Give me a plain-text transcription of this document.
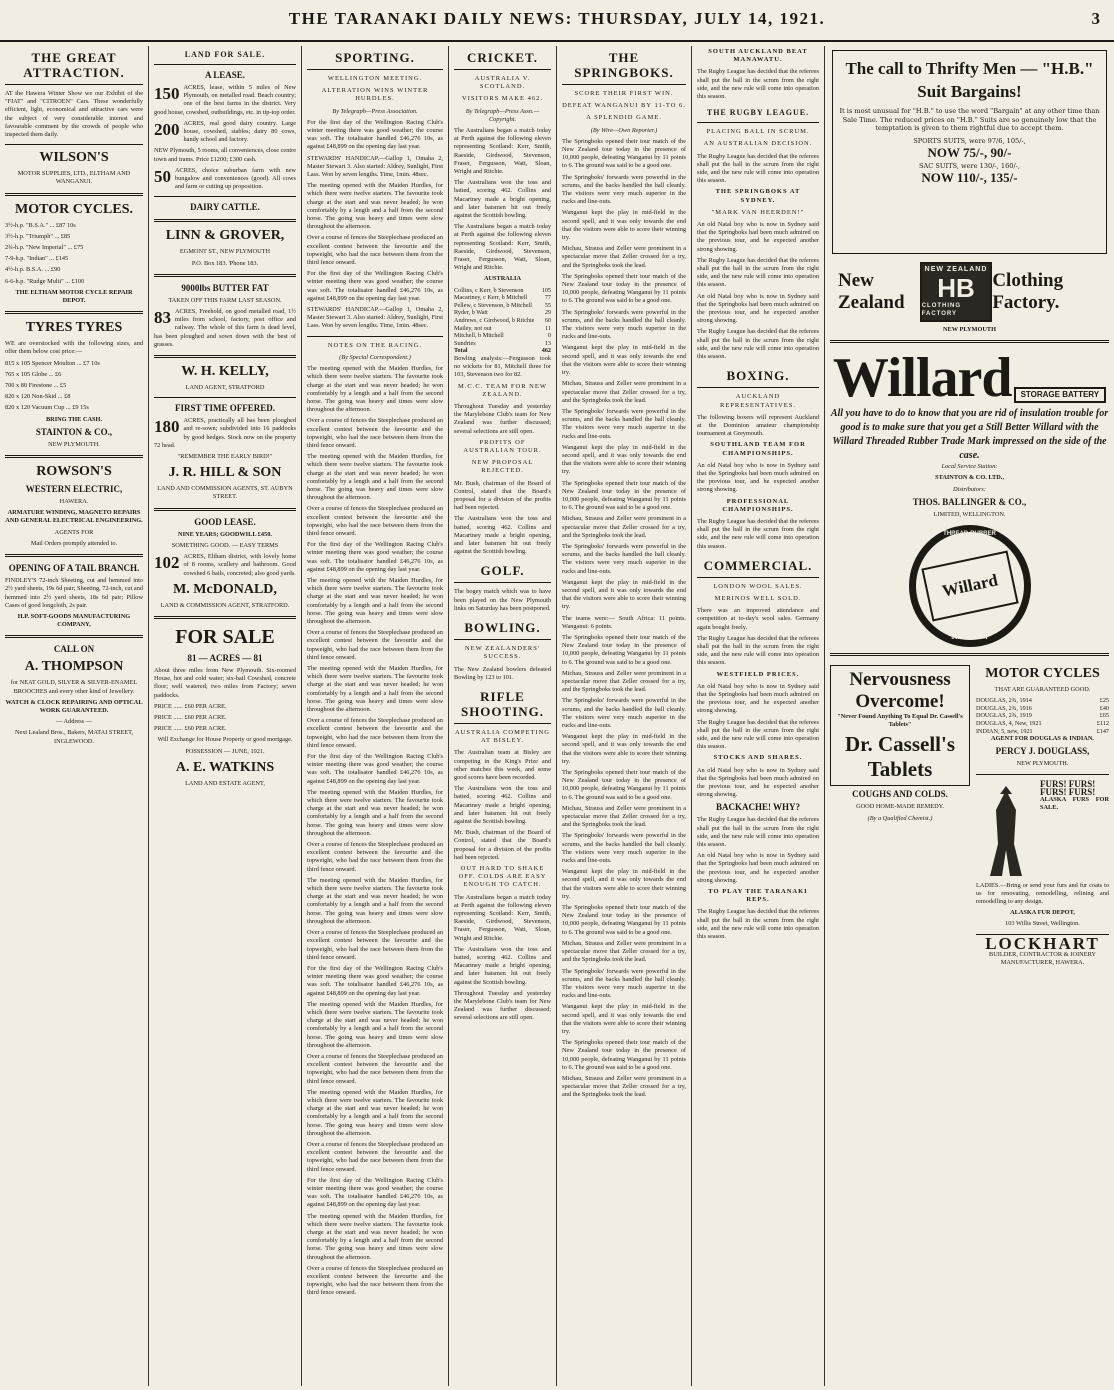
THE TARANAKI DAILY NEWS: THURSDAY, JULY 14, 1921.	3
THE GREAT ATTRACTION.

AT the Hawera Winter Show we our Exhibit of the "FIAT" and "CITROEN" Cars. These wonderfully efficient, light, economical and attractive cars were the subject of very considerable interest and favourable comment by the crowds of people who inspected them daily.

WILSON'S

MOTOR SUPPLIES, LTD., ELTHAM AND WANGANUI.

MOTOR CYCLES.

3½-h.p. "B.S.A." ... £87 10s

3½-h.p. "Triumph" ... £85

2¾-h.p. "New Imperial" ... £75

7-9-h.p. "Indian" ... £145

4½-h.p. B.S.A. ... £90

6-6-h.p. "Rudge Multi" ... £100

THE ELTHAM MOTOR CYCLE REPAIR DEPOT.

TYRES TYRES

WE are overstocked with the following sizes, and offer them below cost price:—

815 x 105 Spencer Moulton ... £7 10s

765 x 105 Globe ... £6

700 x 80 Firestone ... £5

820 x 120 Non-Skid ... £8

820 x 120 Vacuum Cup ... £9 15s

BRING THE CASH.

STAINTON & CO.,

NEW PLYMOUTH.

ROWSON'S
WESTERN ELECTRIC,

HAWERA.

ARMATURE WINDING, MAGNETO REPAIRS AND GENERAL ELECTRICAL ENGINEERING.

AGENTS FOR

Mail Orders promptly attended to.

OPENING OF A TAIL BRANCH.

FINDLEY'S 72-inch Sheeting, cut and hemmed into 2½ yard sheets, 19s 6d pair; Sheeting, 72-inch, cut and hemmed into 2½ yard sheets, 18s 6d pair; Pillow Cases of good longcloth, 2s pair.

H.P. SOFT-GOODS MANUFACTURING COMPANY,

CALL ON
A. THOMPSON

for NEAT GOLD, SILVER & SILVER-ENAMEL BROOCHES and every other kind of Jewellery.

WATCH & CLOCK REPAIRING AND OPTICAL WORK GUARANTEED.

— Address —

Next Lealand Bros., Bakers, MATAI STREET, INGLEWOOD.

LAND FOR SALE.
A LEASE.

150 ACRES, lease, within 5 miles of New Plymouth, on metalled road. Beach country; one of the best farms in the district. Very good house, cowshed, outbuildings, etc. in tip-top order.

200 ACRES, real good dairy country. Large house, cowshed, stables; dairy 80 cows, handy school and factory.

NEW Plymouth, 5 rooms, all conveniences, close centre town and trams. Price £1200; £300 cash.

50 ACRES, choice suburban farm with new bungalow and conveniences (good). All cows and farm or cutting up proposition.

DAIRY CATTLE.
LINN & GROVER,

EGMONT ST., NEW PLYMOUTH

P.O. Box 183. 'Phone 183.

9000lbs BUTTER FAT

TAKEN OFF THIS FARM LAST SEASON.

83 ACRES, Freehold, on good metalled road, 1½ miles from school, factory, post office and railway. The whole of this farm is dead level, has been ploughed and sown down with the best of grasses.

W. H. KELLY,

LAND AGENT, STRATFORD

FIRST TIME OFFERED.

180 ACRES, practically all has been ploughed and re-sown; subdivided into 16 paddocks by good hedges. Stock now on the property 72 head.

"REMEMBER THE EARLY BIRD!"

J. R. HILL & SON

LAND AND COMMISSION AGENTS, ST. AUBYN STREET.

GOOD LEASE.

NINE YEARS; GOODWILL £450.

SOMETHING GOOD. — EASY TERMS

102 ACRES, Eltham district, with lovely home of 8 rooms, scullery and bathroom. Good cowshed 6 bails, concreted; also good yards.

M. McDONALD,

LAND & COMMISSION AGENT, STRATFORD.

FOR SALE
81 — ACRES — 81

About three miles from New Plymouth. Six-roomed House, hot and cold water; six-bail Cowshed, concrete floor; well watered; two miles from Factory; seven paddocks.

PRICE ...... £60 PER ACRE.

PRICE ...... £60 PER ACRE.

PRICE ...... £60 PER ACRE.

Will Exchange for House Property or good mortgage.

POSSESSION — JUNE, 1921.

A. E. WATKINS

LAND AND ESTATE AGENT,

SPORTING.
WELLINGTON MEETING.
ALTERATION WINS WINTER HURDLES.

By Telegraph—Press Association.

For the first day of the Wellington Racing Club's winter meeting there was good weather; the course was soft. The totalisator handled £46,276 10s, as against £48,899 on the opening day last year.

STEWARDS' HANDICAP.—Gallop 1, Omaha 2, Master Stewart 3. Also started: Aldrey, Sunlight, First Lass. Won by seven lengths. Time, 1min. 48sec.

The meeting opened with the Maiden Hurdles, for which there were twelve starters. The favourite took charge at the start and was never headed; he won comfortably by a length and a half from the second horse. The going was heavy and times were slow throughout the afternoon.

Over a course of fences the Steeplechase produced an excellent contest between the favourite and the topweight, who had the race between them from the third fence onward.

For the first day of the Wellington Racing Club's winter meeting there was good weather; the course was soft. The totalisator handled £46,276 10s, as against £48,899 on the opening day last year.

STEWARDS' HANDICAP.—Gallop 1, Omaha 2, Master Stewart 3. Also started: Aldrey, Sunlight, First Lass. Won by seven lengths. Time, 1min. 48sec.

NOTES ON THE RACING.

(By Special Correspondent.)

The meeting opened with the Maiden Hurdles, for which there were twelve starters. The favourite took charge at the start and was never headed; he won comfortably by a length and a half from the second horse. The going was heavy and times were slow throughout the afternoon.

Over a course of fences the Steeplechase produced an excellent contest between the favourite and the topweight, who had the race between them from the third fence onward.

The meeting opened with the Maiden Hurdles, for which there were twelve starters. The favourite took charge at the start and was never headed; he won comfortably by a length and a half from the second horse. The going was heavy and times were slow throughout the afternoon.

Over a course of fences the Steeplechase produced an excellent contest between the favourite and the topweight, who had the race between them from the third fence onward.

For the first day of the Wellington Racing Club's winter meeting there was good weather; the course was soft. The totalisator handled £46,276 10s, as against £48,899 on the opening day last year.

The meeting opened with the Maiden Hurdles, for which there were twelve starters. The favourite took charge at the start and was never headed; he won comfortably by a length and a half from the second horse. The going was heavy and times were slow throughout the afternoon.

Over a course of fences the Steeplechase produced an excellent contest between the favourite and the topweight, who had the race between them from the third fence onward.

The meeting opened with the Maiden Hurdles, for which there were twelve starters. The favourite took charge at the start and was never headed; he won comfortably by a length and a half from the second horse. The going was heavy and times were slow throughout the afternoon.

Over a course of fences the Steeplechase produced an excellent contest between the favourite and the topweight, who had the race between them from the third fence onward.

For the first day of the Wellington Racing Club's winter meeting there was good weather; the course was soft. The totalisator handled £46,276 10s, as against £48,899 on the opening day last year.

The meeting opened with the Maiden Hurdles, for which there were twelve starters. The favourite took charge at the start and was never headed; he won comfortably by a length and a half from the second horse. The going was heavy and times were slow throughout the afternoon.

Over a course of fences the Steeplechase produced an excellent contest between the favourite and the topweight, who had the race between them from the third fence onward.

The meeting opened with the Maiden Hurdles, for which there were twelve starters. The favourite took charge at the start and was never headed; he won comfortably by a length and a half from the second horse. The going was heavy and times were slow throughout the afternoon.

Over a course of fences the Steeplechase produced an excellent contest between the favourite and the topweight, who had the race between them from the third fence onward.

For the first day of the Wellington Racing Club's winter meeting there was good weather; the course was soft. The totalisator handled £46,276 10s, as against £48,899 on the opening day last year.

The meeting opened with the Maiden Hurdles, for which there were twelve starters. The favourite took charge at the start and was never headed; he won comfortably by a length and a half from the second horse. The going was heavy and times were slow throughout the afternoon.

Over a course of fences the Steeplechase produced an excellent contest between the favourite and the topweight, who had the race between them from the third fence onward.

The meeting opened with the Maiden Hurdles, for which there were twelve starters. The favourite took charge at the start and was never headed; he won comfortably by a length and a half from the second horse. The going was heavy and times were slow throughout the afternoon.

Over a course of fences the Steeplechase produced an excellent contest between the favourite and the topweight, who had the race between them from the third fence onward.

For the first day of the Wellington Racing Club's winter meeting there was good weather; the course was soft. The totalisator handled £46,276 10s, as against £48,899 on the opening day last year.

The meeting opened with the Maiden Hurdles, for which there were twelve starters. The favourite took charge at the start and was never headed; he won comfortably by a length and a half from the second horse. The going was heavy and times were slow throughout the afternoon.

Over a course of fences the Steeplechase produced an excellent contest between the favourite and the topweight, who had the race between them from the third fence onward.

CRICKET.
AUSTRALIA V. SCOTLAND.
VISITORS MAKE 462.

By Telegraph—Press Assn.—Copyright.

The Australians began a match today at Perth against the following eleven representing Scotland: Kerr, Smith, Raeside, Girdwood, Stevenson, Fraser, Fergusson, Watt, Sloan, Wright and Ritchie.

The Australians won the toss and batted, scoring 462. Collins and Macartney made a bright opening, and later batsmen hit out freely against the Scottish bowling.

The Australians began a match today at Perth against the following eleven representing Scotland: Kerr, Smith, Raeside, Girdwood, Stevenson, Fraser, Fergusson, Watt, Sloan, Wright and Ritchie.

AUSTRALIA

Collins, c Kerr, b Stevenson	105
Macartney, c Kerr, b Mitchell	77
Pellew, c Stevenson, b Mitchell	55
Ryder, b Watt	29
Andrews, c Girdwood, b Ritchie	60
Mailey, not out	11
Mitchell, b Mitchell	0
Sundries	13
Total	462

Bowling analysis:—Fergusson took no wickets for 81, Mitchell three for 103, Stevenson two for 82.

M.C.C. TEAM FOR NEW ZEALAND.

Throughout Tuesday and yesterday the Marylebone Club's team for New Zealand was further discussed; several selections are still open.

PROFITS OF AUSTRALIAN TOUR.
NEW PROPOSAL REJECTED.

Mr. Bush, chairman of the Board of Control, stated that the Board's proposal for a division of the profits had been rejected.

The Australians won the toss and batted, scoring 462. Collins and Macartney made a bright opening, and later batsmen hit out freely against the Scottish bowling.

GOLF.

The bogey match which was to have been played on the New Plymouth links on Saturday has been postponed.

BOWLING.
NEW ZEALANDERS' SUCCESS.

The New Zealand bowlers defeated Bowling by 123 to 101.

RIFLE SHOOTING.
AUSTRALIA COMPETING AT BISLEY.

The Australian team at Bisley are competing in the King's Prize and other matches this week, and some good scores have been recorded.

The Australians won the toss and batted, scoring 462. Collins and Macartney made a bright opening, and later batsmen hit out freely against the Scottish bowling.

Mr. Bush, chairman of the Board of Control, stated that the Board's proposal for a division of the profits had been rejected.

OUT HARD TO SHAKE OFF. COLDS ARE EASY ENOUGH TO CATCH.

The Australians began a match today at Perth against the following eleven representing Scotland: Kerr, Smith, Raeside, Girdwood, Stevenson, Fraser, Fergusson, Watt, Sloan, Wright and Ritchie.

The Australians won the toss and batted, scoring 462. Collins and Macartney made a bright opening, and later batsmen hit out freely against the Scottish bowling.

Throughout Tuesday and yesterday the Marylebone Club's team for New Zealand was further discussed; several selections are still open.

THE SPRINGBOKS.
SCORE THEIR FIRST WIN.
DEFEAT WANGANUI BY 11-TO 6.
A SPLENDID GAME.

(By Wire—Own Reporter.)

The Springboks opened their tour match of the New Zealand tour today in the presence of 10,000 people, defeating Wanganui by 11 points to 6. The ground was said to be a good one.

The Springboks' forwards were powerful in the scrums, and the backs handled the ball cleanly. The visitors were very much superior in the rucks and line-outs.

Wanganui kept the play in mid-field in the second spell, and it was only towards the end that the visitors were able to score their winning try.

Michau, Strauss and Zeller were prominent in a spectacular move that Zeller crossed for a try, and the Springboks took the lead.

The Springboks opened their tour match of the New Zealand tour today in the presence of 10,000 people, defeating Wanganui by 11 points to 6. The ground was said to be a good one.

The Springboks' forwards were powerful in the scrums, and the backs handled the ball cleanly. The visitors were very much superior in the rucks and line-outs.

Wanganui kept the play in mid-field in the second spell, and it was only towards the end that the visitors were able to score their winning try.

Michau, Strauss and Zeller were prominent in a spectacular move that Zeller crossed for a try, and the Springboks took the lead.

The Springboks' forwards were powerful in the scrums, and the backs handled the ball cleanly. The visitors were very much superior in the rucks and line-outs.

Wanganui kept the play in mid-field in the second spell, and it was only towards the end that the visitors were able to score their winning try.

The Springboks opened their tour match of the New Zealand tour today in the presence of 10,000 people, defeating Wanganui by 11 points to 6. The ground was said to be a good one.

Michau, Strauss and Zeller were prominent in a spectacular move that Zeller crossed for a try, and the Springboks took the lead.

The Springboks' forwards were powerful in the scrums, and the backs handled the ball cleanly. The visitors were very much superior in the rucks and line-outs.

Wanganui kept the play in mid-field in the second spell, and it was only towards the end that the visitors were able to score their winning try.

The teams were:— South Africa: 11 points. Wanganui: 6 points.

The Springboks opened their tour match of the New Zealand tour today in the presence of 10,000 people, defeating Wanganui by 11 points to 6. The ground was said to be a good one.

Michau, Strauss and Zeller were prominent in a spectacular move that Zeller crossed for a try, and the Springboks took the lead.

The Springboks' forwards were powerful in the scrums, and the backs handled the ball cleanly. The visitors were very much superior in the rucks and line-outs.

Wanganui kept the play in mid-field in the second spell, and it was only towards the end that the visitors were able to score their winning try.

The Springboks opened their tour match of the New Zealand tour today in the presence of 10,000 people, defeating Wanganui by 11 points to 6. The ground was said to be a good one.

Michau, Strauss and Zeller were prominent in a spectacular move that Zeller crossed for a try, and the Springboks took the lead.

The Springboks' forwards were powerful in the scrums, and the backs handled the ball cleanly. The visitors were very much superior in the rucks and line-outs.

Wanganui kept the play in mid-field in the second spell, and it was only towards the end that the visitors were able to score their winning try.

The Springboks opened their tour match of the New Zealand tour today in the presence of 10,000 people, defeating Wanganui by 11 points to 6. The ground was said to be a good one.

Michau, Strauss and Zeller were prominent in a spectacular move that Zeller crossed for a try, and the Springboks took the lead.

The Springboks' forwards were powerful in the scrums, and the backs handled the ball cleanly. The visitors were very much superior in the rucks and line-outs.

Wanganui kept the play in mid-field in the second spell, and it was only towards the end that the visitors were able to score their winning try.

The Springboks opened their tour match of the New Zealand tour today in the presence of 10,000 people, defeating Wanganui by 11 points to 6. The ground was said to be a good one.

Michau, Strauss and Zeller were prominent in a spectacular move that Zeller crossed for a try, and the Springboks took the lead.

SOUTH AUCKLAND BEAT MANAWATU.

The Rugby League has decided that the referees shall put the ball in the scrum from the right side, and the new rule will come into operation this season.

THE RUGBY LEAGUE.
PLACING BALL IN SCRUM.
AN AUSTRALIAN DECISION.

The Rugby League has decided that the referees shall put the ball in the scrum from the right side, and the new rule will come into operation this season.

THE SPRINGBOKS AT SYDNEY.
"MARK VAN HEERDEN!"

An old Natal boy who is now in Sydney said that the Springboks had been much admired on the previous tour, and he expected another strong showing.

The Rugby League has decided that the referees shall put the ball in the scrum from the right side, and the new rule will come into operation this season.

An old Natal boy who is now in Sydney said that the Springboks had been much admired on the previous tour, and he expected another strong showing.

The Rugby League has decided that the referees shall put the ball in the scrum from the right side, and the new rule will come into operation this season.

BOXING.
AUCKLAND REPRESENTATIVES.

The following boxers will represent Auckland at the Dominion amateur championship tournament at Greymouth.

SOUTHLAND TEAM FOR CHAMPIONSHIPS.

An old Natal boy who is now in Sydney said that the Springboks had been much admired on the previous tour, and he expected another strong showing.

PROFESSIONAL CHAMPIONSHIPS.

The Rugby League has decided that the referees shall put the ball in the scrum from the right side, and the new rule will come into operation this season.

COMMERCIAL.
LONDON WOOL SALES.
MERINOS WELL SOLD.

There was an improved attendance and competition at to-day's wool sales. Germany again bought freely.

The Rugby League has decided that the referees shall put the ball in the scrum from the right side, and the new rule will come into operation this season.

WESTFIELD PRICES.

An old Natal boy who is now in Sydney said that the Springboks had been much admired on the previous tour, and he expected another strong showing.

The Rugby League has decided that the referees shall put the ball in the scrum from the right side, and the new rule will come into operation this season.

STOCKS AND SHARES.

An old Natal boy who is now in Sydney said that the Springboks had been much admired on the previous tour, and he expected another strong showing.

BACKACHE! WHY?

The Rugby League has decided that the referees shall put the ball in the scrum from the right side, and the new rule will come into operation this season.

An old Natal boy who is now in Sydney said that the Springboks had been much admired on the previous tour, and he expected another strong showing.

TO PLAY THE TARANAKI REPS.

The Rugby League has decided that the referees shall put the ball in the scrum from the right side, and the new rule will come into operation this season.

The call to Thrifty Men — "H.B."
Suit Bargains!
It is most unusual for "H.B." to use the word "Bargain" at any other time than Sale Time. The reduced prices on "H.B." Suits are so genuinely low that the temptation is given to them rightful due to accept them.
SPORTS SUITS, were 97/6, 105/-,
NOW 75/-, 90/-
SAC SUITS, were 130/-, 160/-,
NOW 110/-, 135/-
New Zealand
NEW ZEALAND
HB
CLOTHING FACTORY
Clothing Factory.

NEW PLYMOUTH

Willard STORAGE BATTERY
All you have to do to know that you are rid of insulation trouble for good is to make sure that you get a Still Better Willard with the Willard Threaded Rubber Trade Mark impressed on the side of the case.

Local Service Station:

STAINTON & CO. LTD.,

Distributors:

THOS. BALLINGER & CO.,

LIMITED, WELLINGTON.

THREAD-RUBBER
Willard
INSULATION
Nervousness Overcome!

"Never Found Anything To Equal Dr. Cassell's Tablets"

Dr. Cassell's Tablets
COUGHS AND COLDS.

GOOD HOME-MADE REMEDY.

(By a Qualified Chemist.)

MOTOR CYCLES

THAT ARE GUARANTEED GOOD.

DOUGLAS, 2¾, 1914	£25
DOUGLAS, 2¾, 1916	£40
DOUGLAS, 2¾, 1919	£65
DOUGLAS, 4, New, 1921	£112
INDIAN, 5, new, 1921	£147

AGENT FOR DOUGLAS & INDIAN.

PERCY J. DOUGLASS,

NEW PLYMOUTH.

FURS! FURS!
FURS! FURS!

ALASKA FURS FOR SALE.

LADIES.—Bring or send your furs and fur coats to us for renovating, remodelling, relining and remodelling to any design.

ALASKA FUR DEPOT,

103 Willis Street, Wellington.

LOCKHART

BUILDER, CONTRACTOR & JOINERY MANUFACTURER, HAWERA.
